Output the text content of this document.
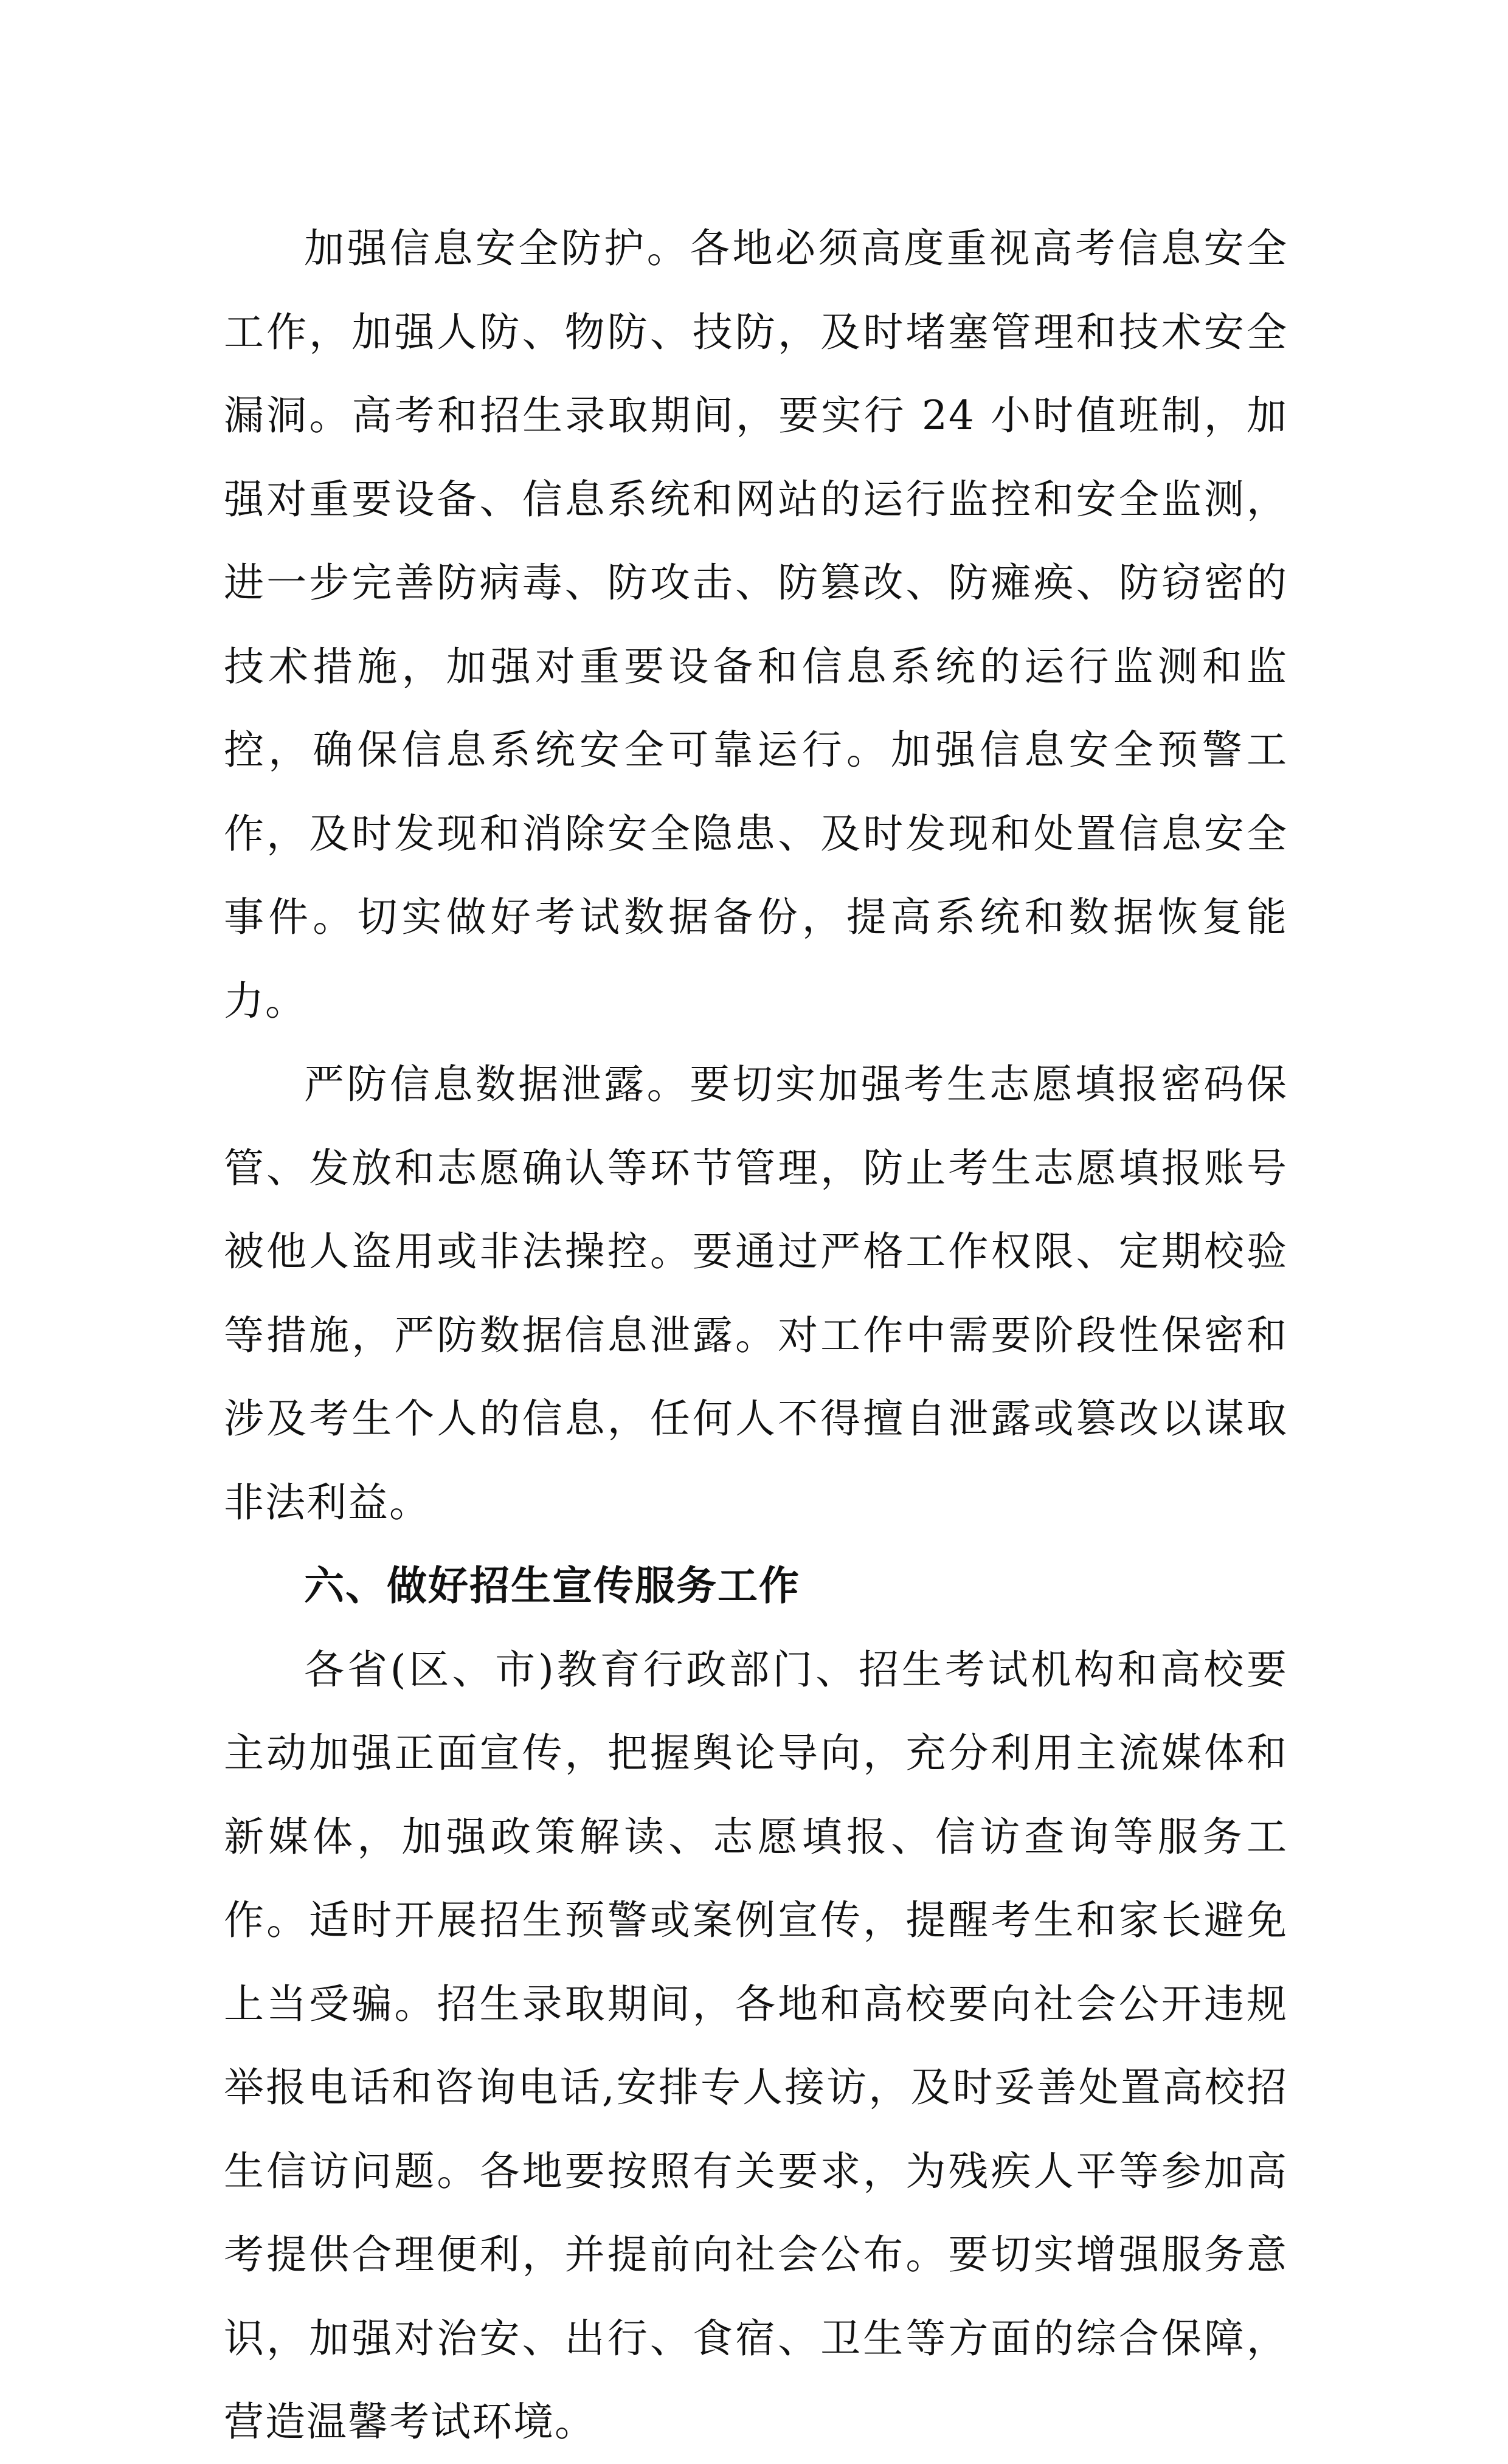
加强信息安全防护。各地必须高度重视高考信息安全工作，加强人防、物防、技防，及时堵塞管理和技术安全漏洞。高考和招生录取期间，要实行 24 小时值班制，加强对重要设备、信息系统和网站的运行监控和安全监测，进一步完善防病毒、防攻击、防篡改、防瘫痪、防窃密的技术措施，加强对重要设备和信息系统的运行监测和监控，确保信息系统安全可靠运行。加强信息安全预警工作，及时发现和消除安全隐患、及时发现和处置信息安全事件。切实做好考试数据备份，提高系统和数据恢复能力。

严防信息数据泄露。要切实加强考生志愿填报密码保管、发放和志愿确认等环节管理，防止考生志愿填报账号被他人盗用或非法操控。要通过严格工作权限、定期校验等措施，严防数据信息泄露。对工作中需要阶段性保密和涉及考生个人的信息，任何人不得擅自泄露或篡改以谋取非法利益。

六、做好招生宣传服务工作

各省(区、市)教育行政部门、招生考试机构和高校要主动加强正面宣传，把握舆论导向，充分利用主流媒体和新媒体，加强政策解读、志愿填报、信访查询等服务工作。适时开展招生预警或案例宣传，提醒考生和家长避免上当受骗。招生录取期间，各地和高校要向社会公开违规举报电话和咨询电话,安排专人接访，及时妥善处置高校招生信访问题。各地要按照有关要求，为残疾人平等参加高考提供合理便利，并提前向社会公布。要切实增强服务意识，加强对治安、出行、食宿、卫生等方面的综合保障，营造温馨考试环境。
